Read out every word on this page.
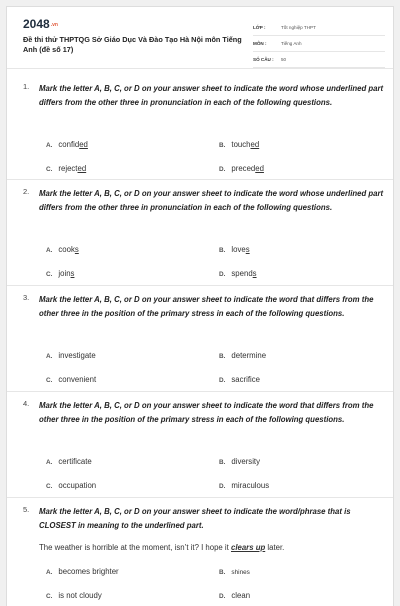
2048.vn
Đề thi thử THPTQG Sở Giáo Dục Và Đào Tạo Hà Nội môn Tiếng Anh (đề số 17)
LỚP :	Tốt nghiệp THPT
MÔN :	Tiếng Anh
SỐ CÂU :	50
1. Mark the letter A, B, C, or D on your answer sheet to indicate the word whose underlined part differs from the other three in pronunciation in each of the following questions.
A. confided	B. touched
C. rejected	D. preceded
2. Mark the letter A, B, C, or D on your answer sheet to indicate the word whose underlined part differs from the other three in pronunciation in each of the following questions.
A. cooks	B. loves
C. joins	D. spends
3. Mark the letter A, B, C, or D on your answer sheet to indicate the word that differs from the other three in the position of the primary stress in each of the following questions.
A. investigate	B. determine
C. convenient	D. sacrifice
4. Mark the letter A, B, C, or D on your answer sheet to indicate the word that differs from the other three in the position of the primary stress in each of the following questions.
A. certificate	B. diversity
C. occupation	D. miraculous
5. Mark the letter A, B, C, or D on your answer sheet to indicate the word/phrase that is CLOSEST in meaning to the underlined part.
The weather is horrible at the moment, isn’t it? I hope it clears up later.
A. becomes brighter	B. shines
C. is not cloudy	D. clean
